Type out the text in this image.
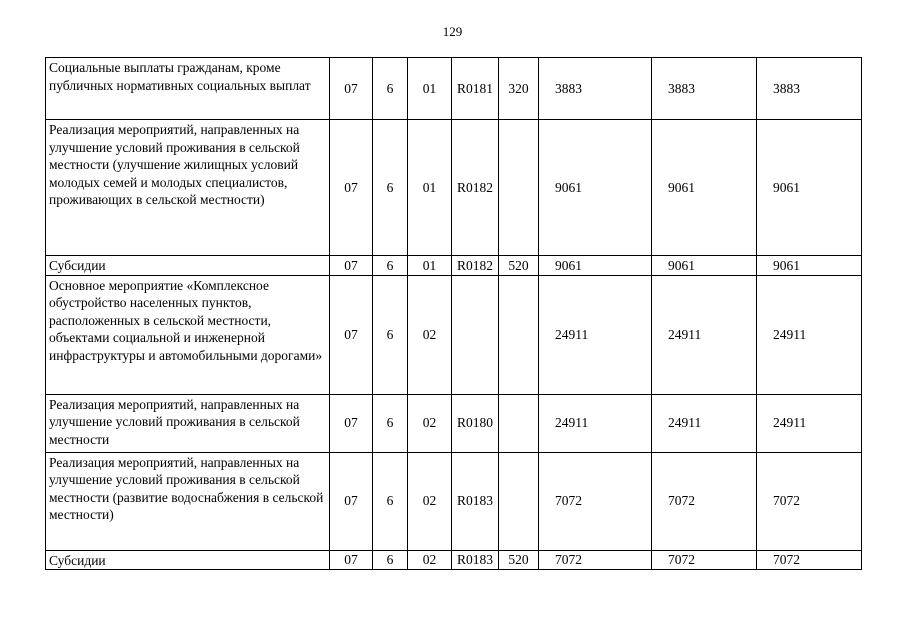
129
Социальные выплаты гражданам, кроме публичных нормативных социальных выплат	07	6	01	R0181	320	3883	3883	3883
Реализация мероприятий, направленных на улучшение условий проживания в сельской местности (улучшение жилищных условий молодых семей и молодых специалистов, проживающих в сельской местности)	07	6	01	R0182		9061	9061	9061
Субсидии	07	6	01	R0182	520	9061	9061	9061
Основное мероприятие «Комплексное обустройство населенных пунктов, расположенных в сельской местности, объектами социальной и инженерной инфраструктуры и автомобильными дорогами»	07	6	02			24911	24911	24911
Реализация мероприятий, направленных на улучшение условий проживания в сельской местности	07	6	02	R0180		24911	24911	24911
Реализация мероприятий, направленных на улучшение условий проживания в сельской местности (развитие водоснабжения в сельской местности)	07	6	02	R0183		7072	7072	7072
Субсидии	07	6	02	R0183	520	7072	7072	7072
